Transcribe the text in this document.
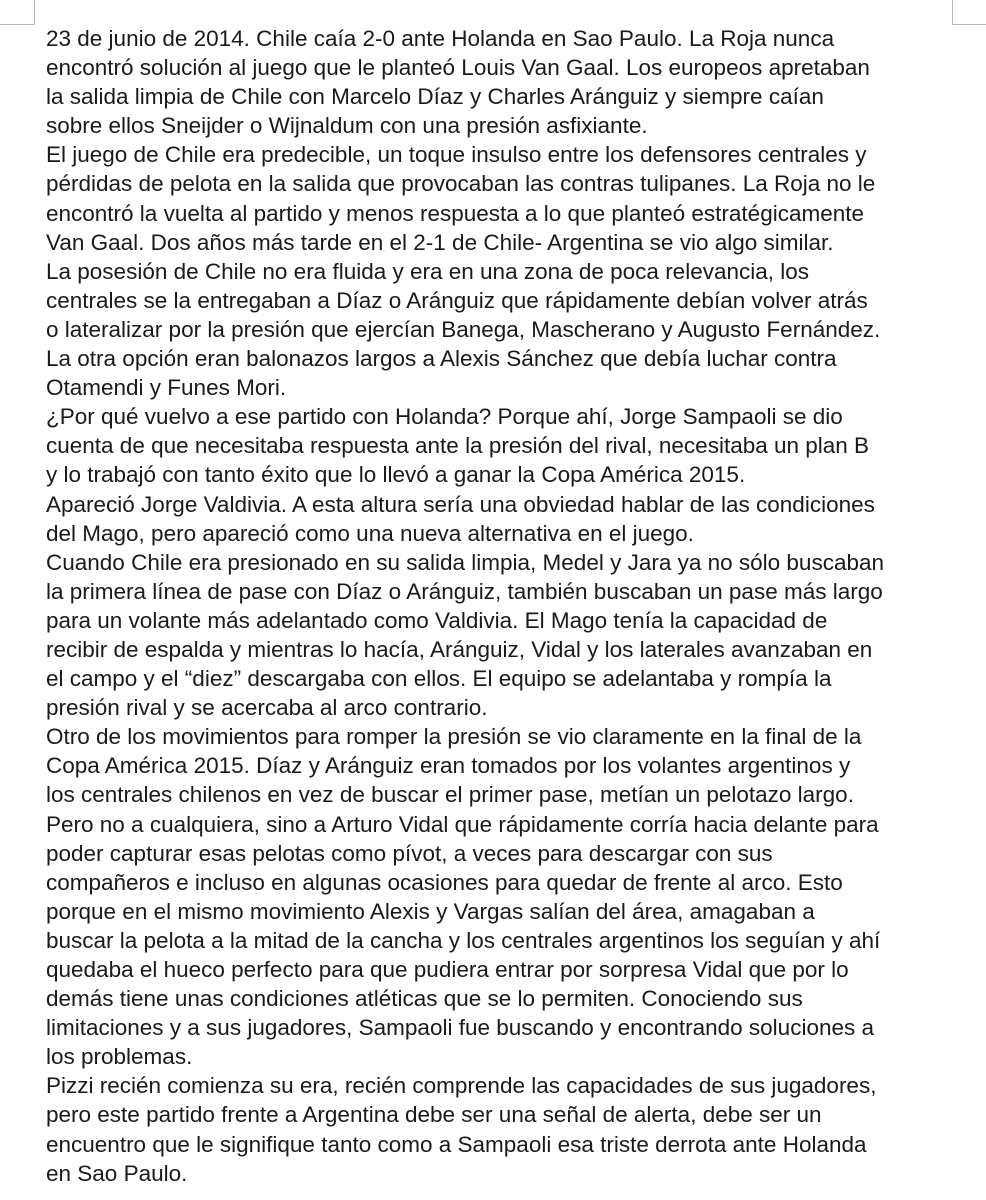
23 de junio de 2014. Chile caía 2-0 ante Holanda en Sao Paulo. La Roja nunca
encontró solución al juego que le planteó Louis Van Gaal. Los europeos apretaban
la salida limpia de Chile con Marcelo Díaz y Charles Aránguiz y siempre caían
sobre ellos Sneijder o Wijnaldum con una presión asfixiante.
El juego de Chile era predecible, un toque insulso entre los defensores centrales y
pérdidas de pelota en la salida que provocaban las contras tulipanes. La Roja no le
encontró la vuelta al partido y menos respuesta a lo que planteó estratégicamente
Van Gaal. Dos años más tarde en el 2-1 de Chile- Argentina se vio algo similar.
La posesión de Chile no era fluida y era en una zona de poca relevancia, los
centrales se la entregaban a Díaz o Aránguiz que rápidamente debían volver atrás
o lateralizar por la presión que ejercían Banega, Mascherano y Augusto Fernández.
La otra opción eran balonazos largos a Alexis Sánchez que debía luchar contra
Otamendi y Funes Mori.
¿Por qué vuelvo a ese partido con Holanda? Porque ahí, Jorge Sampaoli se dio
cuenta de que necesitaba respuesta ante la presión del rival, necesitaba un plan B
y lo trabajó con tanto éxito que lo llevó a ganar la Copa América 2015.
Apareció Jorge Valdivia. A esta altura sería una obviedad hablar de las condiciones
del Mago, pero apareció como una nueva alternativa en el juego.
Cuando Chile era presionado en su salida limpia, Medel y Jara ya no sólo buscaban
la primera línea de pase con Díaz o Aránguiz, también buscaban un pase más largo
para un volante más adelantado como Valdivia. El Mago tenía la capacidad de
recibir de espalda y mientras lo hacía, Aránguiz, Vidal y los laterales avanzaban en
el campo y el “diez” descargaba con ellos. El equipo se adelantaba y rompía la
presión rival y se acercaba al arco contrario.
Otro de los movimientos para romper la presión se vio claramente en la final de la
Copa América 2015. Díaz y Aránguiz eran tomados por los volantes argentinos y
los centrales chilenos en vez de buscar el primer pase, metían un pelotazo largo.
Pero no a cualquiera, sino a Arturo Vidal que rápidamente corría hacia delante para
poder capturar esas pelotas como pívot, a veces para descargar con sus
compañeros e incluso en algunas ocasiones para quedar de frente al arco. Esto
porque en el mismo movimiento Alexis y Vargas salían del área, amagaban a
buscar la pelota a la mitad de la cancha y los centrales argentinos los seguían y ahí
quedaba el hueco perfecto para que pudiera entrar por sorpresa Vidal que por lo
demás tiene unas condiciones atléticas que se lo permiten. Conociendo sus
limitaciones y a sus jugadores, Sampaoli fue buscando y encontrando soluciones a
los problemas.
Pizzi recién comienza su era, recién comprende las capacidades de sus jugadores,
pero este partido frente a Argentina debe ser una señal de alerta, debe ser un
encuentro que le signifique tanto como a Sampaoli esa triste derrota ante Holanda
en Sao Paulo.
